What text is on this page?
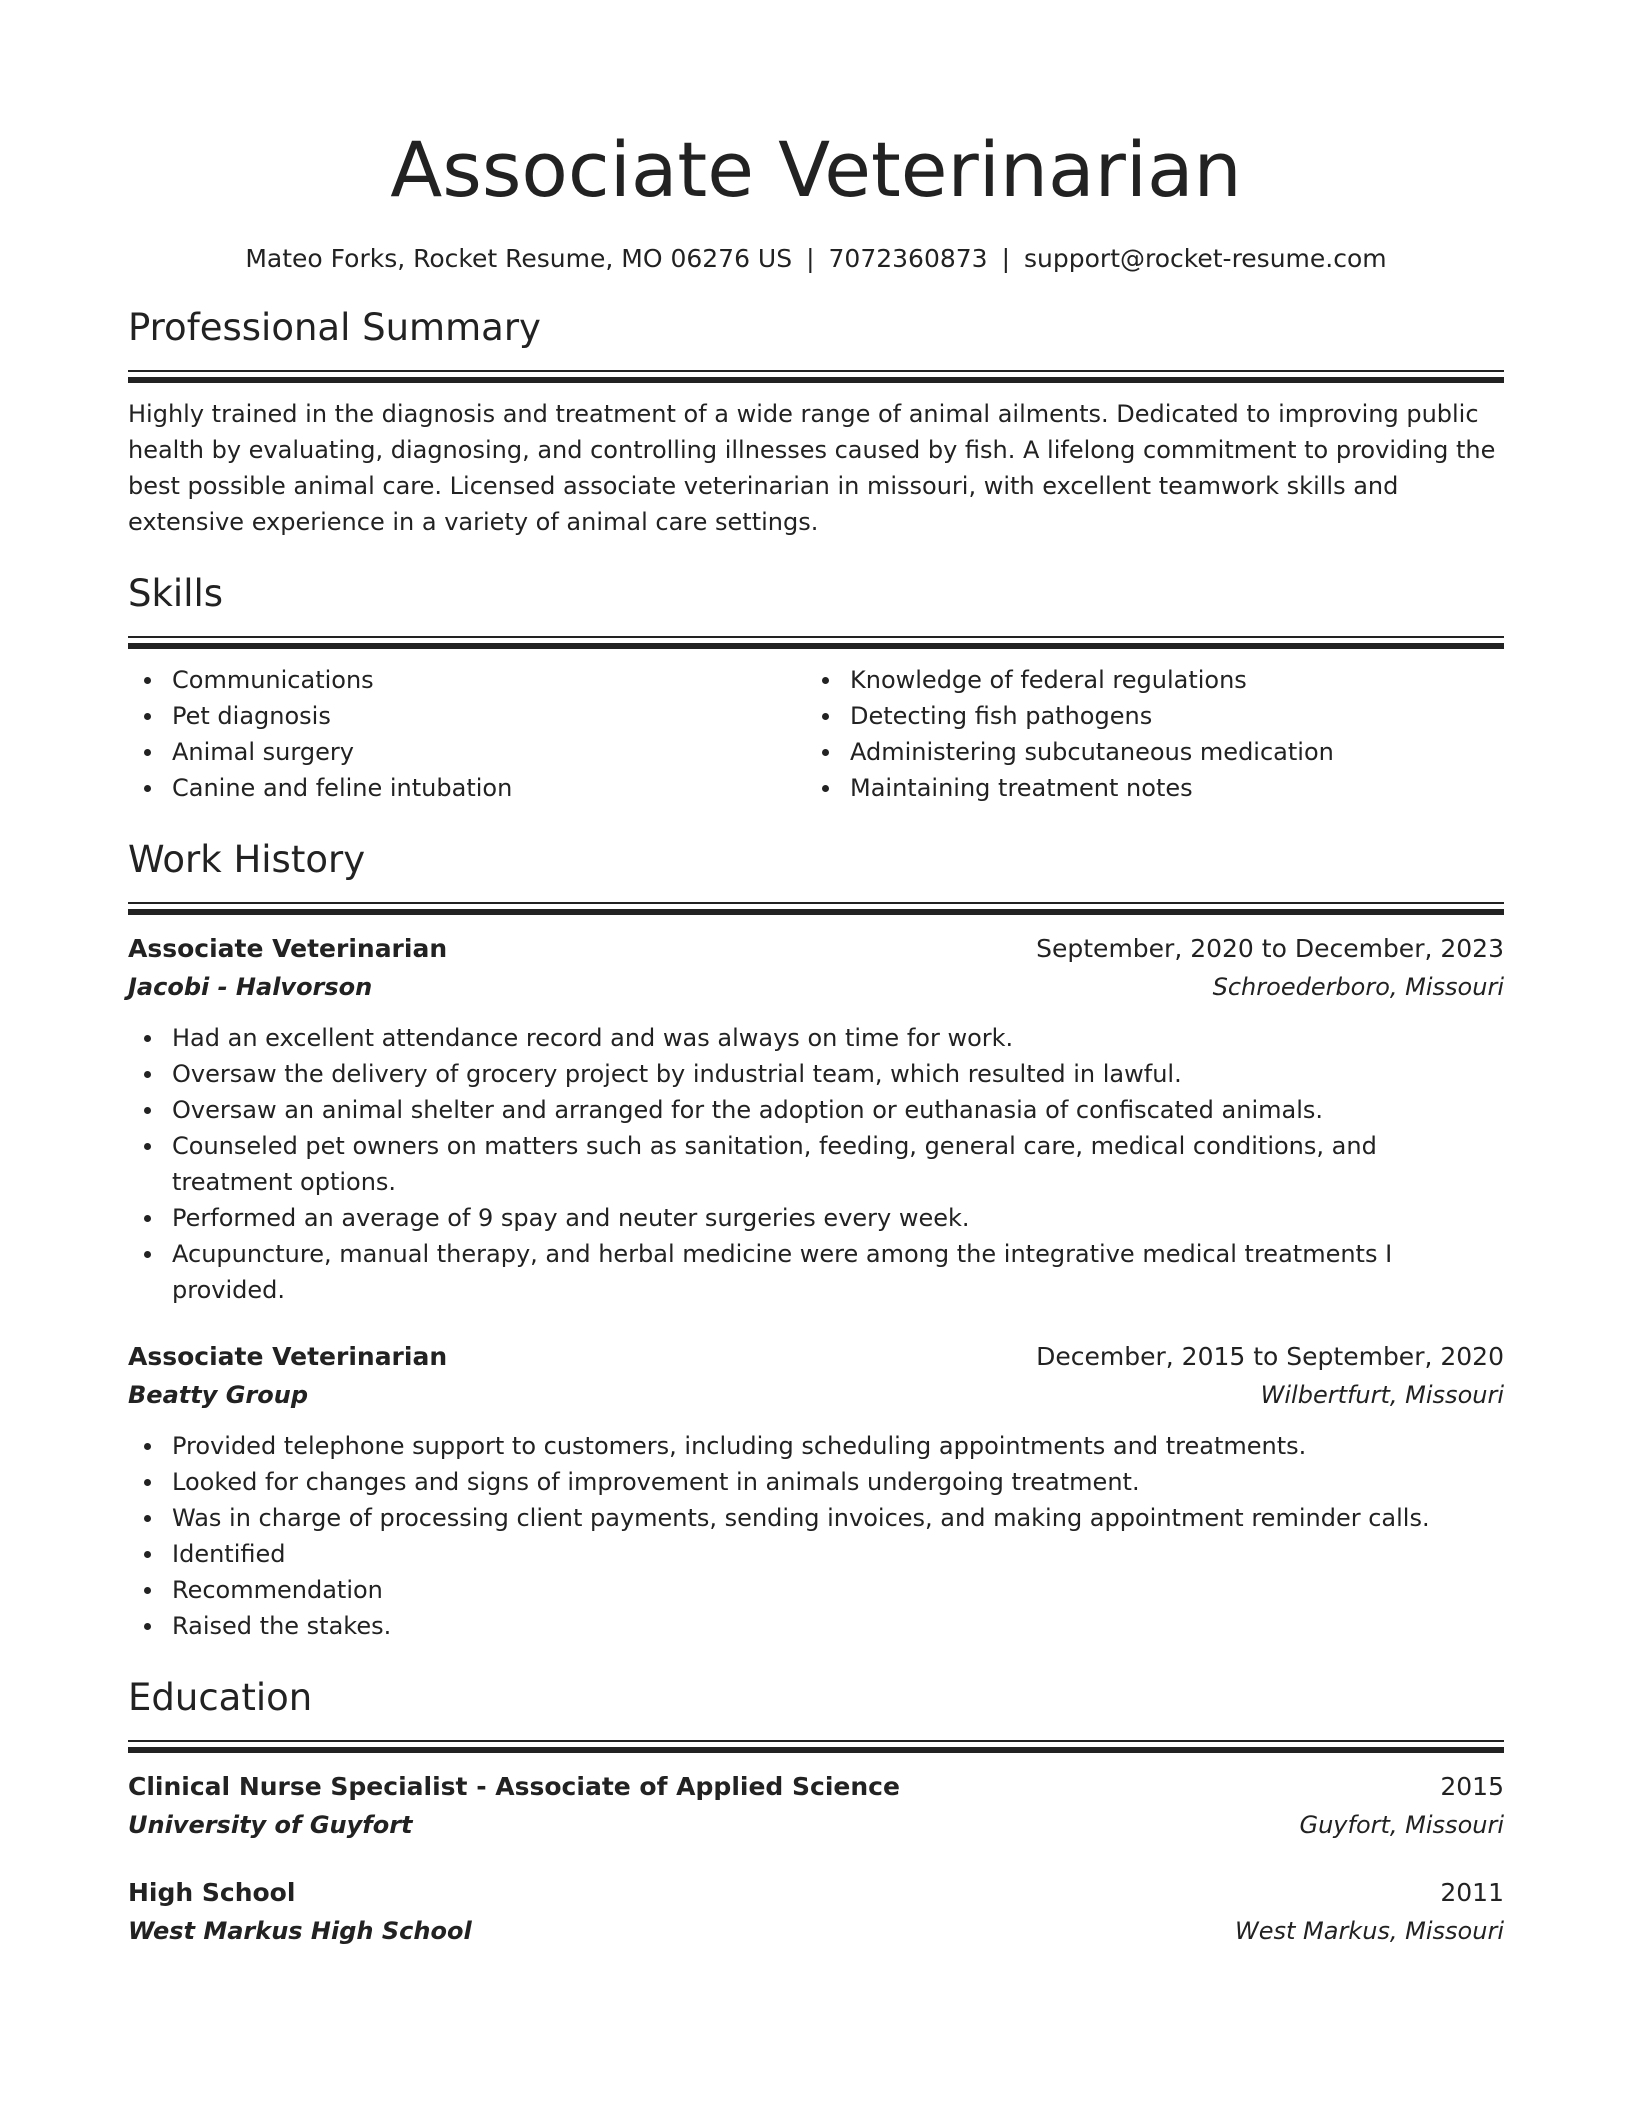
Associate Veterinarian
Mateo Forks, Rocket Resume, MO 06276 US | 7072360873 | support@rocket-resume.com
Professional Summary
Highly trained in the diagnosis and treatment of a wide range of animal ailments. Dedicated to improving public health by evaluating, diagnosing, and controlling illnesses caused by fish. A lifelong commitment to providing the best possible animal care. Licensed associate veterinarian in missouri, with excellent teamwork skills and extensive experience in a variety of animal care settings.
Skills
Communications
Pet diagnosis
Animal surgery
Canine and feline intubation
Knowledge of federal regulations
Detecting fish pathogens
Administering subcutaneous medication
Maintaining treatment notes
Work History
Associate Veterinarian	September, 2020 to December, 2023
Jacobi - Halvorson	Schroederboro, Missouri
Had an excellent attendance record and was always on time for work.
Oversaw the delivery of grocery project by industrial team, which resulted in lawful.
Oversaw an animal shelter and arranged for the adoption or euthanasia of confiscated animals.
Counseled pet owners on matters such as sanitation, feeding, general care, medical conditions, and treatment options.
Performed an average of 9 spay and neuter surgeries every week.
Acupuncture, manual therapy, and herbal medicine were among the integrative medical treatments I provided.
Associate Veterinarian	December, 2015 to September, 2020
Beatty Group	Wilbertfurt, Missouri
Provided telephone support to customers, including scheduling appointments and treatments.
Looked for changes and signs of improvement in animals undergoing treatment.
Was in charge of processing client payments, sending invoices, and making appointment reminder calls.
Identified
Recommendation
Raised the stakes.
Education
Clinical Nurse Specialist - Associate of Applied Science	2015
University of Guyfort	Guyfort, Missouri
High School	2011
West Markus High School	West Markus, Missouri
